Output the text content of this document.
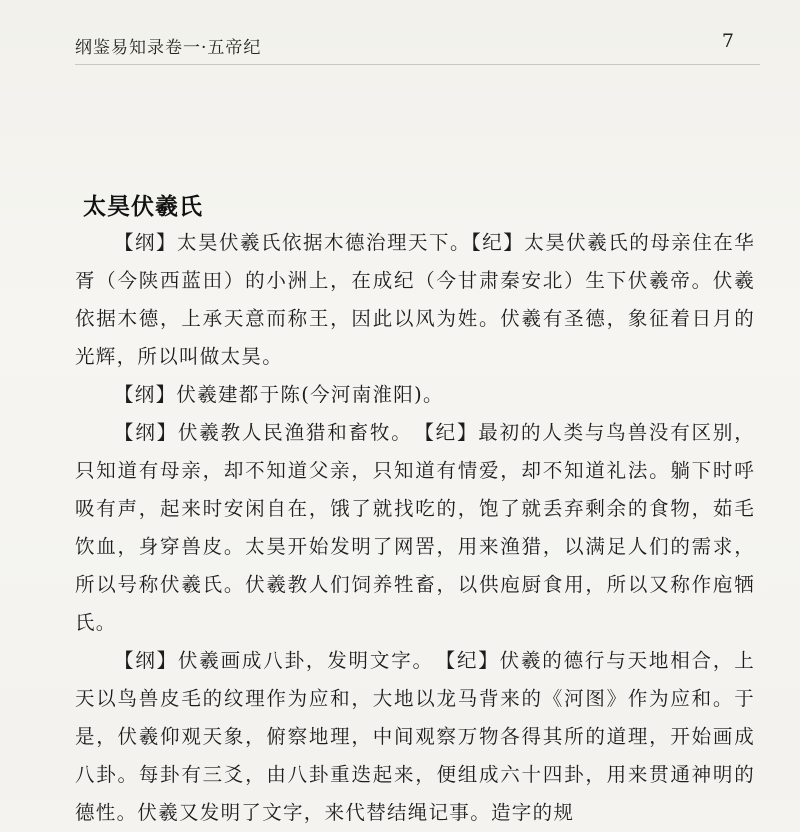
纲鉴易知录卷一·五帝纪	7
太昊伏羲氏

【纲】太昊伏羲氏依据木德治理天下。【纪】太昊伏羲氏的母亲住在华胥（今陕西蓝田）的小洲上，在成纪（今甘肃秦安北）生下伏羲帝。伏羲依据木德，上承天意而称王，因此以风为姓。伏羲有圣德，象征着日月的光辉，所以叫做太昊。

【纲】伏羲建都于陈(今河南淮阳)。

【纲】伏羲教人民渔猎和畜牧。　【纪】最初的人类与鸟兽没有区别，只知道有母亲，却不知道父亲，只知道有情爱，却不知道礼法。躺下时呼吸有声，起来时安闲自在，饿了就找吃的，饱了就丢弃剩余的食物，茹毛饮血，身穿兽皮。太昊开始发明了网罟，用来渔猎，以满足人们的需求，所以号称伏羲氏。伏羲教人们饲养牲畜，以供庖厨食用，所以又称作庖牺氏。

【纲】伏羲画成八卦，发明文字。　【纪】伏羲的德行与天地相合，上天以鸟兽皮毛的纹理作为应和，大地以龙马背来的《河图》作为应和。于是，伏羲仰观天象，俯察地理，中间观察万物各得其所的道理，开始画成八卦。每卦有三爻，由八卦重迭起来，便组成六十四卦，用来贯通神明的德性。伏羲又发明了文字，来代替结绳记事。造字的规
